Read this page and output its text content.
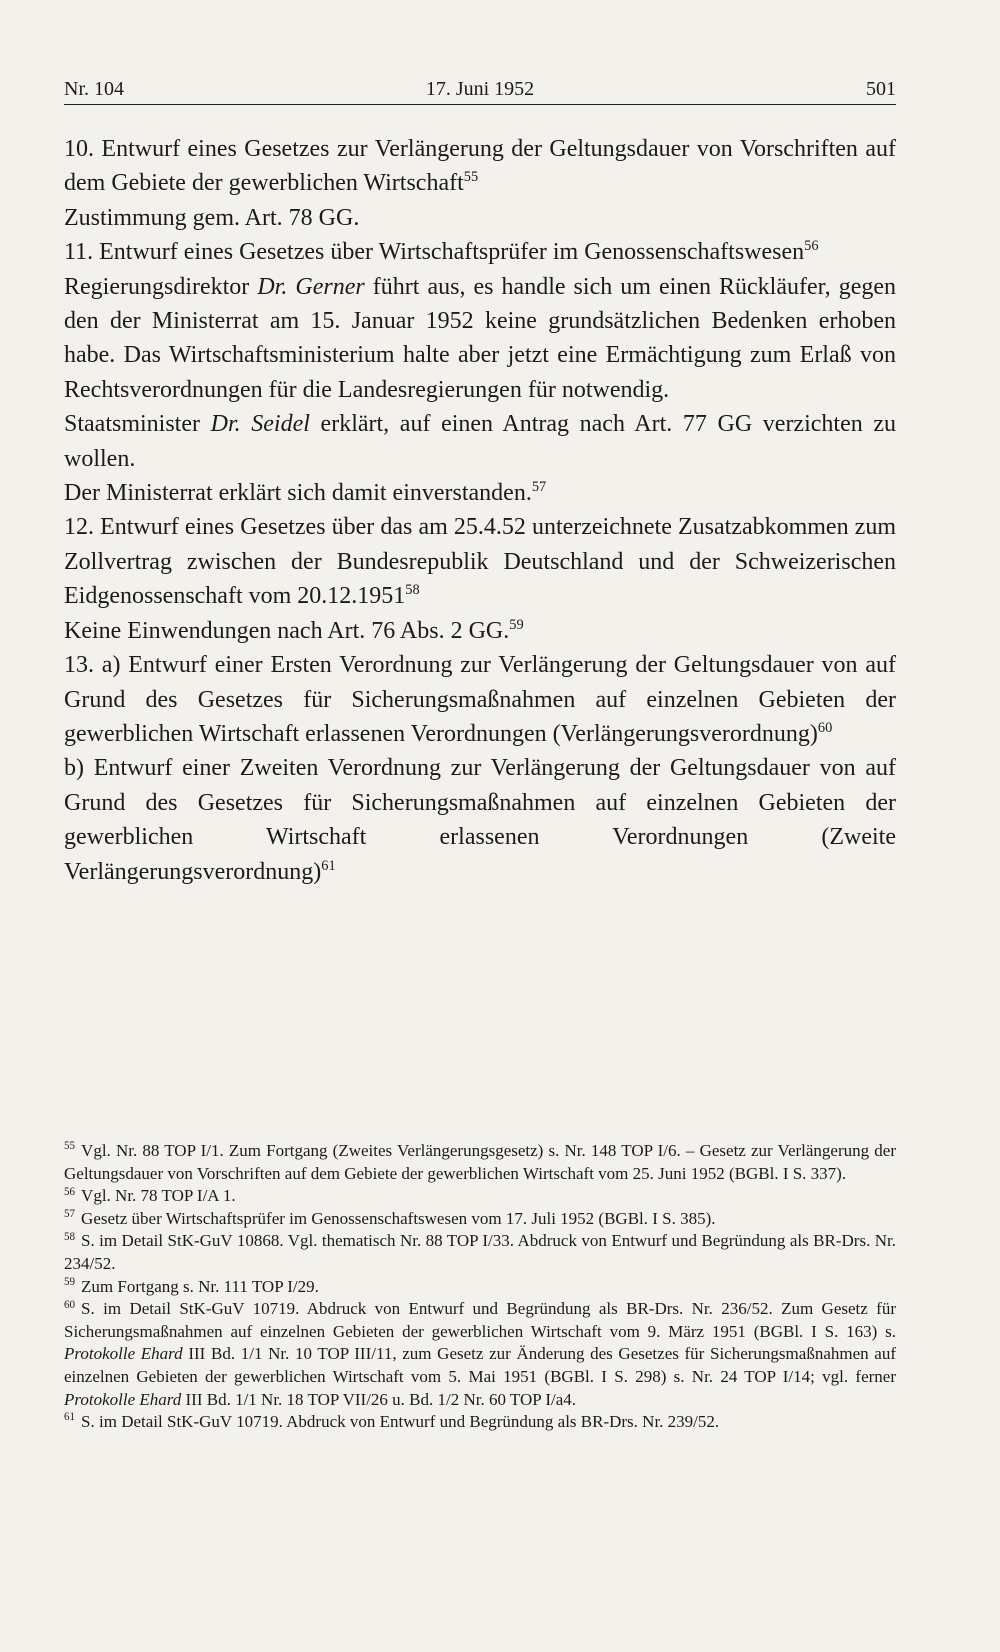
Nr. 104	17. Juni 1952	501

10. Entwurf eines Gesetzes zur Verlängerung der Geltungsdauer von Vorschriften auf dem Gebiete der gewerblichen Wirtschaft$^{55}$

Zustimmung gem. Art. 78 GG.

11. Entwurf eines Gesetzes über Wirtschaftsprüfer im Genossenschaftswesen$^{56}$

Regierungsdirektor Dr. Gerner führt aus, es handle sich um einen Rückläufer, gegen den der Ministerrat am 15. Januar 1952 keine grundsätzlichen Bedenken erhoben habe. Das Wirtschaftsministerium halte aber jetzt eine Ermächtigung zum Erlaß von Rechtsverordnungen für die Landesregierungen für notwendig.

Staatsminister Dr. Seidel erklärt, auf einen Antrag nach Art. 77 GG verzichten zu wollen.

Der Ministerrat erklärt sich damit einverstanden.$^{57}$

12. Entwurf eines Gesetzes über das am 25.4.52 unterzeichnete Zusatzabkommen zum Zollvertrag zwischen der Bundesrepublik Deutschland und der Schweizerischen Eidgenossenschaft vom 20.12.1951$^{58}$

Keine Einwendungen nach Art. 76 Abs. 2 GG.$^{59}$

13. a) Entwurf einer Ersten Verordnung zur Verlängerung der Geltungsdauer von auf Grund des Gesetzes für Sicherungsmaßnahmen auf einzelnen Gebieten der gewerblichen Wirtschaft erlassenen Verordnungen (Verlängerungsverordnung)$^{60}$

b) Entwurf einer Zweiten Verordnung zur Verlängerung der Geltungsdauer von auf Grund des Gesetzes für Sicherungsmaßnahmen auf einzelnen Gebieten der gewerblichen Wirtschaft erlassenen Verordnungen (Zweite Verlängerungsverordnung)$^{61}$

$^{55}$ Vgl. Nr. 88 TOP I/1. Zum Fortgang (Zweites Verlängerungsgesetz) s. Nr. 148 TOP I/6. – Gesetz zur Verlängerung der Geltungsdauer von Vorschriften auf dem Gebiete der gewerblichen Wirtschaft vom 25. Juni 1952 (BGBl. I S. 337).

$^{56}$ Vgl. Nr. 78 TOP I/A 1.

$^{57}$ Gesetz über Wirtschaftsprüfer im Genossenschaftswesen vom 17. Juli 1952 (BGBl. I S. 385).

$^{58}$ S. im Detail StK-GuV 10868. Vgl. thematisch Nr. 88 TOP I/33. Abdruck von Entwurf und Begründung als BR-Drs. Nr. 234/52.

$^{59}$ Zum Fortgang s. Nr. 111 TOP I/29.

$^{60}$ S. im Detail StK-GuV 10719. Abdruck von Entwurf und Begründung als BR-Drs. Nr. 236/52. Zum Gesetz für Sicherungsmaßnahmen auf einzelnen Gebieten der gewerblichen Wirtschaft vom 9. März 1951 (BGBl. I S. 163) s. Protokolle Ehard III Bd. 1/1 Nr. 10 TOP III/11, zum Gesetz zur Änderung des Gesetzes für Sicherungsmaßnahmen auf einzelnen Gebieten der gewerblichen Wirtschaft vom 5. Mai 1951 (BGBl. I S. 298) s. Nr. 24 TOP I/14; vgl. ferner Protokolle Ehard III Bd. 1/1 Nr. 18 TOP VII/26 u. Bd. 1/2 Nr. 60 TOP I/a4.

$^{61}$ S. im Detail StK-GuV 10719. Abdruck von Entwurf und Begründung als BR-Drs. Nr. 239/52.
